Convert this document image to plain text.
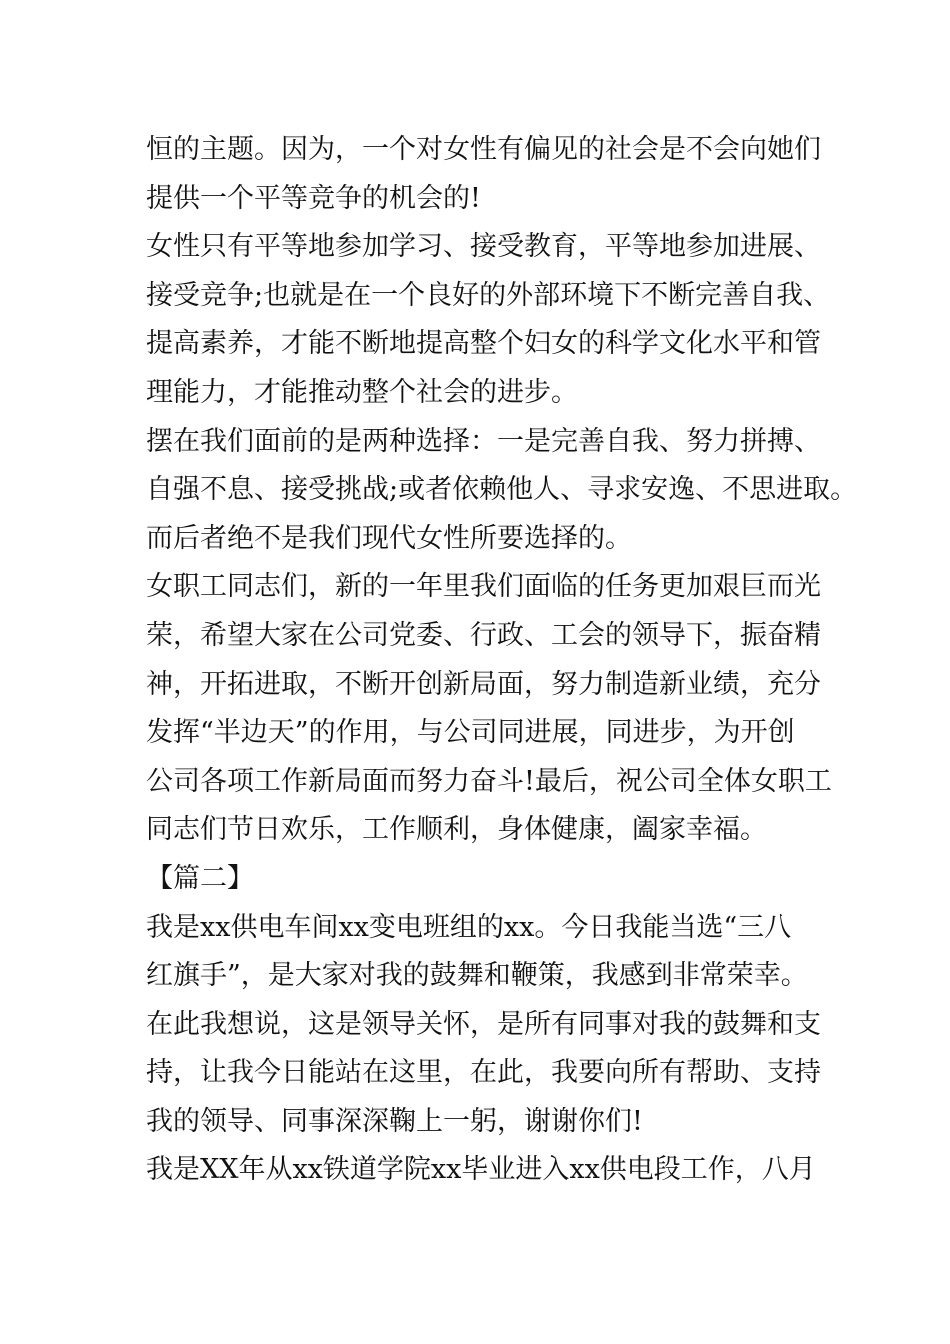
恒的主题。因为，一个对女性有偏见的社会是不会向她们
提供一个平等竞争的机会的!
女性只有平等地参加学习、接受教育，平等地参加进展、
接受竞争;也就是在一个良好的外部环境下不断完善自我、
提高素养，才能不断地提高整个妇女的科学文化水平和管
理能力，才能推动整个社会的进步。
摆在我们面前的是两种选择：一是完善自我、努力拼搏、
自强不息、接受挑战;或者依赖他人、寻求安逸、不思进取。
而后者绝不是我们现代女性所要选择的。
女职工同志们，新的一年里我们面临的任务更加艰巨而光
荣，希望大家在公司党委、行政、工会的领导下，振奋精
神，开拓进取，不断开创新局面，努力制造新业绩，充分
发挥“半边天”的作用，与公司同进展，同进步，为开创
公司各项工作新局面而努力奋斗!最后，祝公司全体女职工
同志们节日欢乐，工作顺利，身体健康，阖家幸福。
【篇二】
我是xx供电车间xx变电班组的xx。今日我能当选“三八
红旗手”，是大家对我的鼓舞和鞭策，我感到非常荣幸。
在此我想说，这是领导关怀，是所有同事对我的鼓舞和支
持，让我今日能站在这里，在此，我要向所有帮助、支持
我的领导、同事深深鞠上一躬，谢谢你们!
我是XX年从xx铁道学院xx毕业进入xx供电段工作，八月
